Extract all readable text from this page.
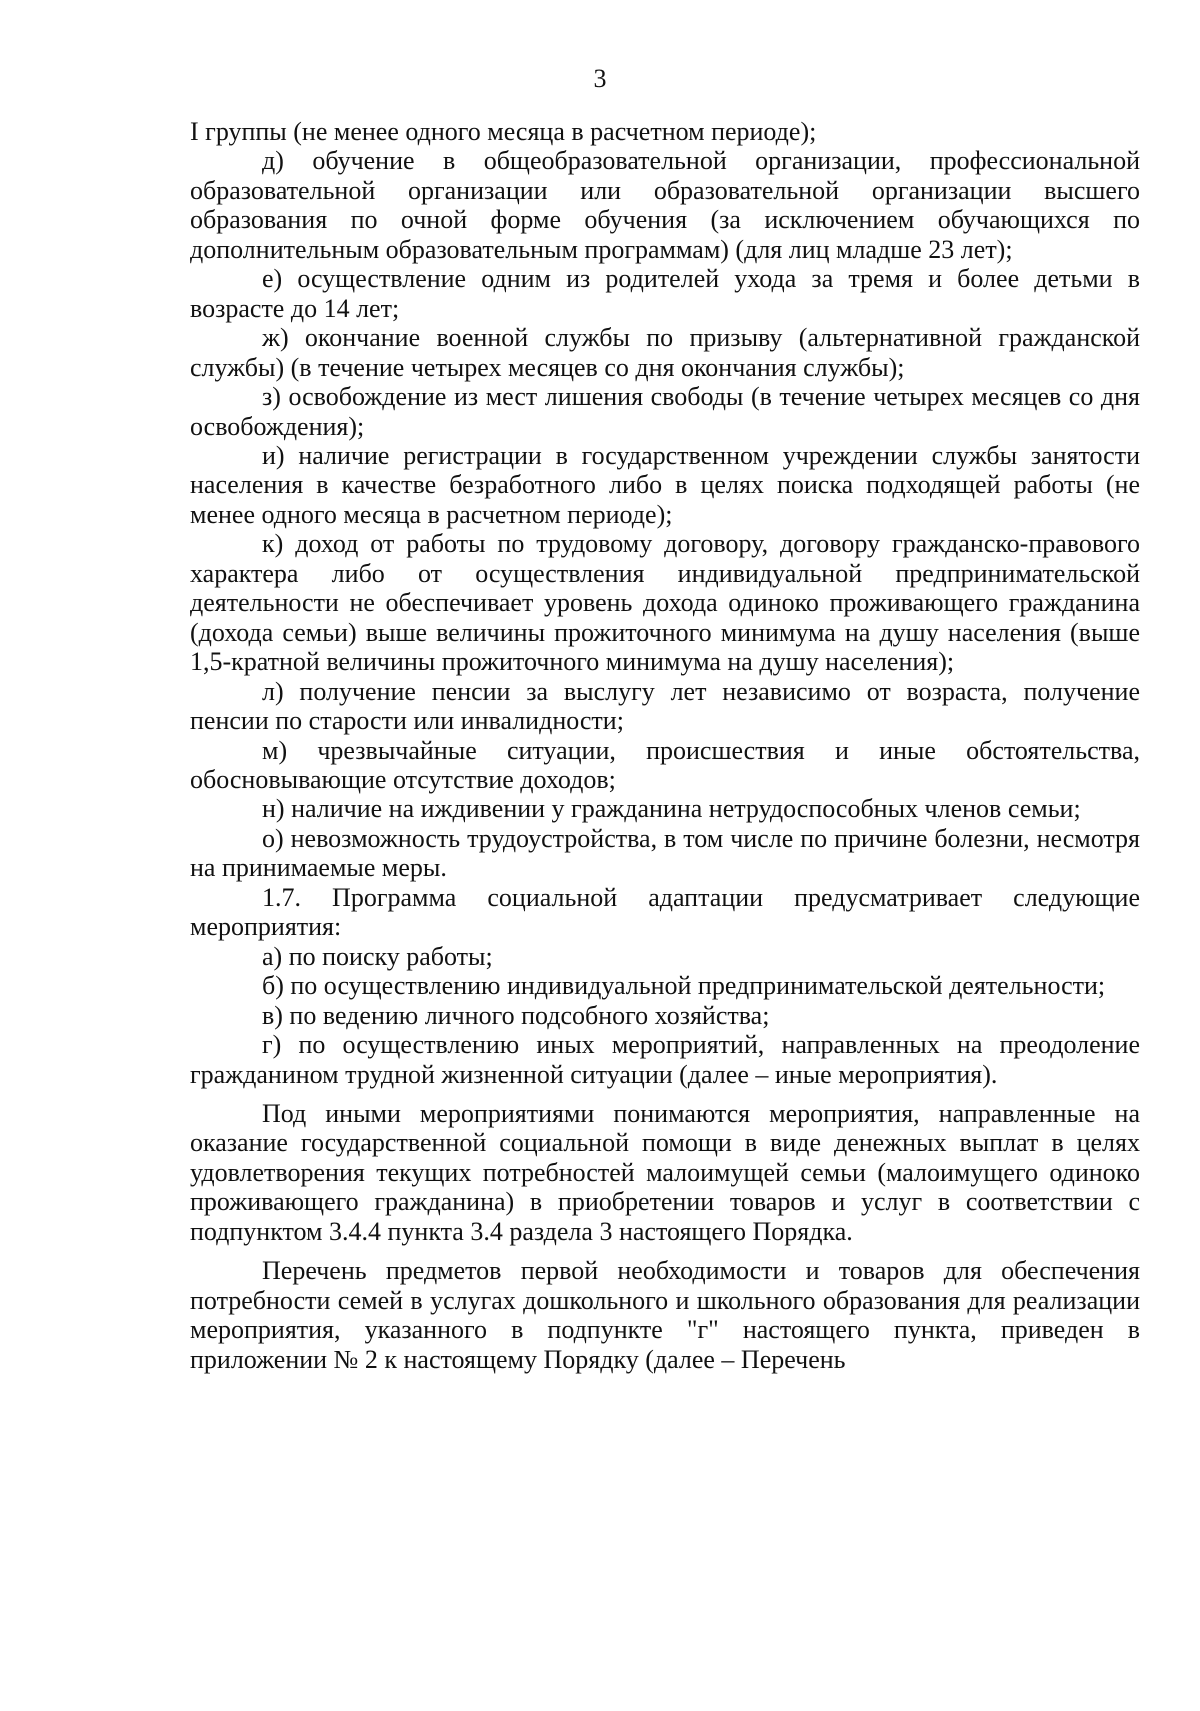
3

I группы (не менее одного месяца в расчетном периоде);

д) обучение в общеобразовательной организации, профессиональной образовательной организации или образовательной организации высшего образования по очной форме обучения (за исключением обучающихся по дополнительным образовательным программам) (для лиц младше 23 лет);

е) осуществление одним из родителей ухода за тремя и более детьми в возрасте до 14 лет;

ж) окончание военной службы по призыву (альтернативной гражданской службы) (в течение четырех месяцев со дня окончания службы);

з) освобождение из мест лишения свободы (в течение четырех месяцев со дня освобождения);

и) наличие регистрации в государственном учреждении службы занятости населения в качестве безработного либо в целях поиска подходящей работы (не менее одного месяца в расчетном периоде);

к) доход от работы по трудовому договору, договору гражданско-правового характера либо от осуществления индивидуальной предпринимательской деятельности не обеспечивает уровень дохода одиноко проживающего гражданина (дохода семьи) выше величины прожиточного минимума на душу населения (выше 1,5-кратной величины прожиточного минимума на душу населения);

л) получение пенсии за выслугу лет независимо от возраста, получение пенсии по старости или инвалидности;

м) чрезвычайные ситуации, происшествия и иные обстоятельства, обосновывающие отсутствие доходов;

н) наличие на иждивении у гражданина нетрудоспособных членов семьи;

о) невозможность трудоустройства, в том числе по причине болезни, несмотря на принимаемые меры.

1.7. Программа социальной адаптации предусматривает следующие мероприятия:

а) по поиску работы;

б) по осуществлению индивидуальной предпринимательской деятельности;

в) по ведению личного подсобного хозяйства;

г) по осуществлению иных мероприятий, направленных на преодоление гражданином трудной жизненной ситуации (далее – иные мероприятия).

Под иными мероприятиями понимаются мероприятия, направленные на оказание государственной социальной помощи в виде денежных выплат в целях удовлетворения текущих потребностей малоимущей семьи (малоимущего одиноко проживающего гражданина) в приобретении товаров и услуг в соответствии с подпунктом 3.4.4 пункта 3.4 раздела 3 настоящего Порядка.

Перечень предметов первой необходимости и товаров для обеспечения потребности семей в услугах дошкольного и школьного образования для реализации мероприятия, указанного в подпункте "г" настоящего пункта, приведен в приложении № 2 к настоящему Порядку (далее – Перечень
